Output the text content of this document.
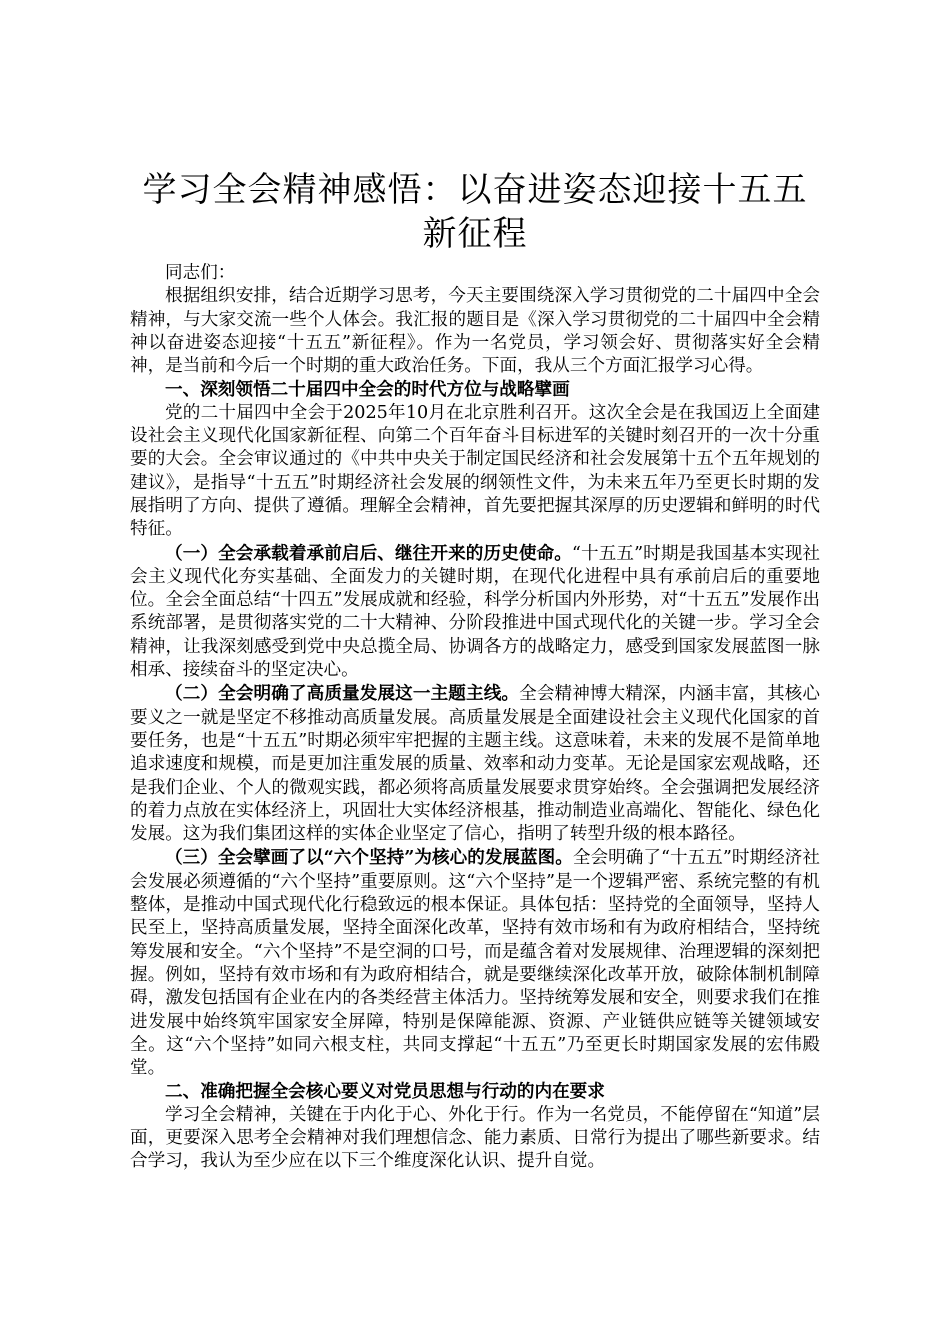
学习全会精神感悟：以奋进姿态迎接十五五新征程

同志们：

根据组织安排，结合近期学习思考，今天主要围绕深入学习贯彻党的二十届四中全会精神，与大家交流一些个人体会。我汇报的题目是《深入学习贯彻党的二十届四中全会精神以奋进姿态迎接“十五五”新征程》。作为一名党员，学习领会好、贯彻落实好全会精神，是当前和今后一个时期的重大政治任务。下面，我从三个方面汇报学习心得。

一、深刻领悟二十届四中全会的时代方位与战略擘画

党的二十届四中全会于2025年10月在北京胜利召开。这次全会是在我国迈上全面建设社会主义现代化国家新征程、向第二个百年奋斗目标进军的关键时刻召开的一次十分重要的大会。全会审议通过的《中共中央关于制定国民经济和社会发展第十五个五年规划的建议》，是指导“十五五”时期经济社会发展的纲领性文件，为未来五年乃至更长时期的发展指明了方向、提供了遵循。理解全会精神，首先要把握其深厚的历史逻辑和鲜明的时代特征。

（一）全会承载着承前启后、继往开来的历史使命。“十五五”时期是我国基本实现社会主义现代化夯实基础、全面发力的关键时期，在现代化进程中具有承前启后的重要地位。全会全面总结“十四五”发展成就和经验，科学分析国内外形势，对“十五五”发展作出系统部署，是贯彻落实党的二十大精神、分阶段推进中国式现代化的关键一步。学习全会精神，让我深刻感受到党中央总揽全局、协调各方的战略定力，感受到国家发展蓝图一脉相承、接续奋斗的坚定决心。

（二）全会明确了高质量发展这一主题主线。全会精神博大精深，内涵丰富，其核心要义之一就是坚定不移推动高质量发展。高质量发展是全面建设社会主义现代化国家的首要任务，也是“十五五”时期必须牢牢把握的主题主线。这意味着，未来的发展不是简单地追求速度和规模，而是更加注重发展的质量、效率和动力变革。无论是国家宏观战略，还是我们企业、个人的微观实践，都必须将高质量发展要求贯穿始终。全会强调把发展经济的着力点放在实体经济上，巩固壮大实体经济根基，推动制造业高端化、智能化、绿色化发展。这为我们集团这样的实体企业坚定了信心，指明了转型升级的根本路径。

（三）全会擘画了以“六个坚持”为核心的发展蓝图。全会明确了“十五五”时期经济社会发展必须遵循的“六个坚持”重要原则。这“六个坚持”是一个逻辑严密、系统完整的有机整体，是推动中国式现代化行稳致远的根本保证。具体包括：坚持党的全面领导，坚持人民至上，坚持高质量发展，坚持全面深化改革，坚持有效市场和有为政府相结合，坚持统筹发展和安全。“六个坚持”不是空洞的口号，而是蕴含着对发展规律、治理逻辑的深刻把握。例如，坚持有效市场和有为政府相结合，就是要继续深化改革开放，破除体制机制障碍，激发包括国有企业在内的各类经营主体活力。坚持统筹发展和安全，则要求我们在推进发展中始终筑牢国家安全屏障，特别是保障能源、资源、产业链供应链等关键领域安全。这“六个坚持”如同六根支柱，共同支撑起“十五五”乃至更长时期国家发展的宏伟殿堂。

二、准确把握全会核心要义对党员思想与行动的内在要求

学习全会精神，关键在于内化于心、外化于行。作为一名党员，不能停留在“知道”层面，更要深入思考全会精神对我们理想信念、能力素质、日常行为提出了哪些新要求。结合学习，我认为至少应在以下三个维度深化认识、提升自觉。
